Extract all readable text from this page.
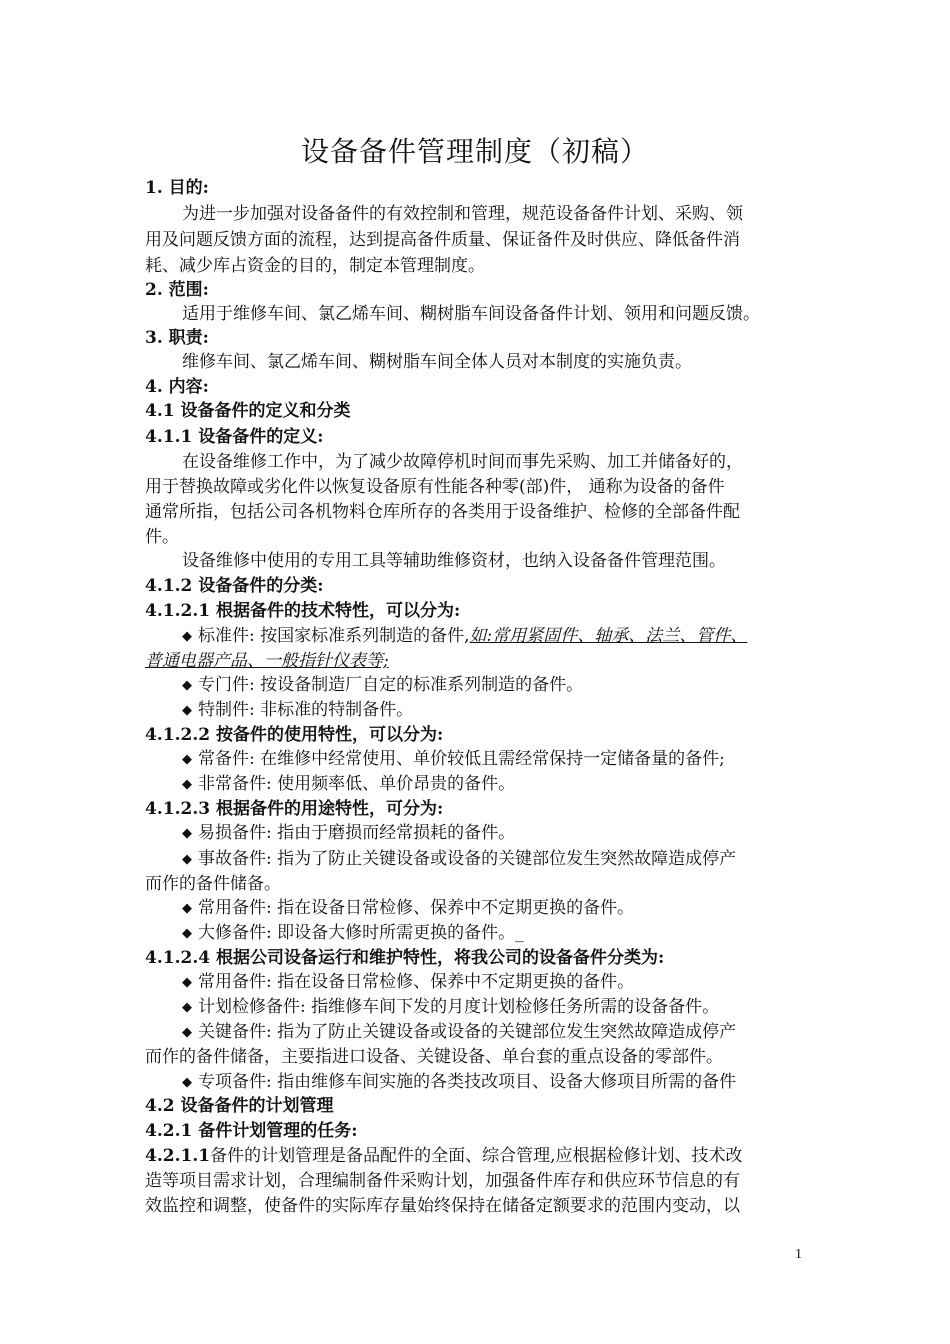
设备备件管理制度（初稿）
1. 目的:
为进一步加强对设备备件的有效控制和管理，规范设备备件计划、采购、领
用及问题反馈方面的流程，达到提高备件质量、保证备件及时供应、降低备件消
耗、减少库占资金的目的，制定本管理制度。
2. 范围:
适用于维修车间、氯乙烯车间、糊树脂车间设备备件计划、领用和问题反馈。
3. 职责:
维修车间、氯乙烯车间、糊树脂车间全体人员对本制度的实施负责。
4. 内容:
4.1 设备备件的定义和分类
4.1.1 设备备件的定义:
在设备维修工作中，为了减少故障停机时间而事先采购、加工并储备好的，
用于替换故障或劣化件以恢复设备原有性能各种零(部)件， 通称为设备的备件
通常所指，包括公司各机物料仓库所存的各类用于设备维护、检修的全部备件配
件。
设备维修中使用的专用工具等辅助维修资材，也纳入设备备件管理范围。
4.1.2 设备备件的分类:
4.1.2.1 根据备件的技术特性，可以分为:
◆ 标准件: 按国家标准系列制造的备件,如:常用紧固件、轴承、法兰、管件、
普通电器产品、一般指针仪表等;
◆ 专门件: 按设备制造厂自定的标准系列制造的备件。
◆ 特制件: 非标准的特制备件。
4.1.2.2 按备件的使用特性，可以分为:
◆ 常备件: 在维修中经常使用、单价较低且需经常保持一定储备量的备件;
◆ 非常备件: 使用频率低、单价昂贵的备件。
4.1.2.3 根据备件的用途特性，可分为:
◆ 易损备件: 指由于磨损而经常损耗的备件。
◆ 事故备件: 指为了防止关键设备或设备的关键部位发生突然故障造成停产
而作的备件储备。
◆ 常用备件: 指在设备日常检修、保养中不定期更换的备件。
◆ 大修备件: 即设备大修时所需更换的备件。_
4.1.2.4 根据公司设备运行和维护特性，将我公司的设备备件分类为:
◆ 常用备件: 指在设备日常检修、保养中不定期更换的备件。
◆ 计划检修备件: 指维修车间下发的月度计划检修任务所需的设备备件。
◆ 关键备件: 指为了防止关键设备或设备的关键部位发生突然故障造成停产
而作的备件储备，主要指进口设备、关键设备、单台套的重点设备的零部件。
◆ 专项备件: 指由维修车间实施的各类技改项目、设备大修项目所需的备件
4.2 设备备件的计划管理
4.2.1 备件计划管理的任务:
4.2.1.1备件的计划管理是备品配件的全面、综合管理,应根据检修计划、技术改
造等项目需求计划，合理编制备件采购计划，加强备件库存和供应环节信息的有
效监控和调整，使备件的实际库存量始终保持在储备定额要求的范围内变动，以
1
